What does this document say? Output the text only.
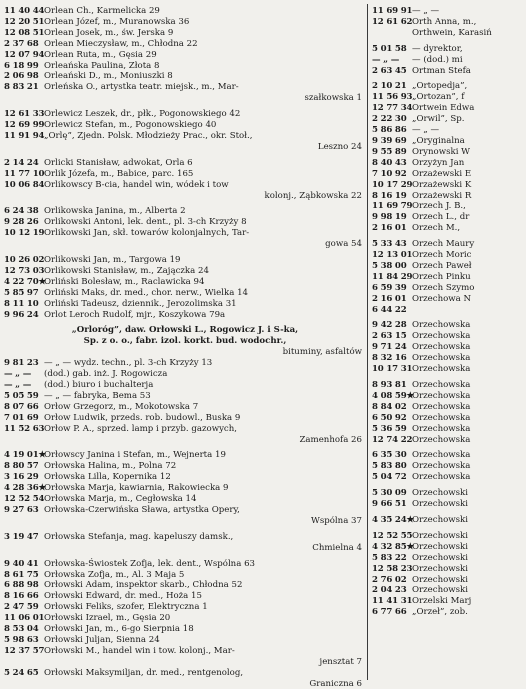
11 40 44Orlean Ch., Karmelicka 29
12 20 51Orlean Józef, m., Muranowska 36
12 08 51Orlean Josek, m., św. Jerska 9
2 37 68 Orlean Mieczysław, m., Chłodna 22
12 07 94Orlean Ruta, m., Gęsia 29
6 18 99 Orleańska Paulina, Złota 8
2 06 98 Orleański D., m., Moniuszki 8
8 83 21 Orleńska O., artystka teatr. miejsk., m., Mar-
szałkowska 1
12 61 33Orlewicz Leszek, dr., płk., Pogonowskiego 42
12 69 99Orlewicz Stefan, m., Pogonowskiego 40
11 91 94„Orlę”, Zjedn. Polsk. Młodzieży Prac., okr. Stoł.,
Leszno 24
2 14 24 Orlicki Stanisław, adwokat, Orla 6
11 77 10Orlik Józefa, m., Babice, parc. 165
10 06 84Orlikowscy B-cia, handel win, wódek i tow
kolonj., Ząbkowska 22
6 24 38 Orlikowska Janina, m., Alberta 2
9 28 26 Orlikowski Antoni, lek. dent., pl. 3-ch Krzyży 8
10 12 19Orlikowski Jan, skł. towarów kolonjalnych, Tar-
gowa 54
10 26 02Orlikowski Jan, m., Targowa 19
12 73 03Orlikowski Stanisław, m., Zajączka 24
4 22 70★Orliński Bolesław, m., Raclawicka 94
5 85 97 Orliński Maks, dr. med., chor. nerw., Wielka 14
8 11 10 Orliński Tadeusz, dziennik., Jerozolimska 31
9 96 24 Orlot Leroch Rudolf, mjr., Koszykowa 79a
„Orloróg”, daw. Orłowski L., Rogowicz J. i S-ka,
Sp. z o. o., fabr. izol. korkt. bud. wodochr.,
bituminy, asfaltów
9 81 23 — „ — wydz. techn., pl. 3-ch Krzyży 13
— „ — (dod.) gab. inż. J. Rogowicza
— „ — (dod.) biuro i buchalterja
5 05 59 — „ — fabryka, Bema 53
8 07 66 Orłow Grzegorz, m., Mokotowska 7
7 01 69 Orłow Ludwik, przeds. rob. budowl., Buska 9
11 52 63Orłow P. A., sprzed. lamp i przyb. gazowych,
Zamenhofa 26
4 19 01★Orłowscy Janina i Stefan, m., Wejnerta 19
8 80 57 Orłowska Halina, m., Polna 72
3 16 29 Orłowska Lilla, Kopernika 12
4 28 36★Orłowska Marja, kawiarnia, Rakowiecka 9
12 52 54Orłowska Marja, m., Cegłowska 14
9 27 63 Orłowska-Czerwińska Sława, artystka Opery,
Wspólna 37
3 19 47 Orłowska Stefanja, mag. kapeluszy damsk.,
Chmielna 4
9 40 41 Orłowska-Świostek Zofja, lek. dent., Wspólna 63
8 61 75 Orłowska Zofja, m., Al. 3 Maja 5
6 88 98 Orłowski Adam, inspektor skarb., Chłodna 52
8 16 66 Orłowski Edward, dr. med., Hoża 15
2 47 59 Orłowski Feliks, szofer, Elektryczna 1
11 06 01Orłowski Izrael, m., Gęsia 20
8 53 04 Orłowski Jan, m., 6-go Sierpnia 18
5 98 63 Orłowski Juljan, Sienna 24
12 37 57Orłowski M., handel win i tow. kolonj., Mar-
jensztat 7
5 24 65 Orłowski Maksymiljan, dr. med., rentgenolog,
Graniczna 6
11 69 91— „ —
12 61 62Orth Anna, m.,
Orthwein, Karasiń
5 01 58 — dyrektor,
— „ — — (dod.) mi
2 63 45 Ortman Stefa
2 10 21 „Ortopedja”,
11 56 93„Ortozan”, f
12 77 34Ortwein Edwa
2 22 30 „Orwil”, Sp.
5 86 86 — „ —
9 39 69 „Oryginalna
9 55 89 Orynowski W
8 40 43 Orzyżyn Jan
7 10 92 Orzażewski E
10 17 29Orzażewski K
8 16 19 Orzażewski R
11 69 79Orzech J. B.,
9 98 19 Orzech L., dr
2 16 01 Orzech M.,
5 33 43 Orzech Maury
12 13 01Orzech Moric
5 38 00 Orzech Paweł
11 84 29Orzech Pinku
6 59 39 Orzech Szymo
2 16 01 Orzechowa N
6 44 22
9 42 28 Orzechowska
2 63 15 Orzechowska
9 71 24 Orzechowska
8 32 16 Orzechowska
10 17 31Orzechowska
8 93 81 Orzechowska
4 08 59★Orzechowska
8 84 02 Orzechowska
6 50 92 Orzechowska
5 36 59 Orzechowska
12 74 22Orzechowska
6 35 30 Orzechowska
5 83 80 Orzechowska
5 04 72 Orzechowska
5 30 09 Orzechowski
9 66 51 Orzechowski
4 35 24★Orzechowski
12 52 55Orzechowski
4 32 85★Orzechowski
5 83 22 Orzechowski
12 58 23Orzechowski
2 76 02 Orzechowski
2 04 23 Orzechowski
11 41 31Orzelski Marj
6 77 66 „Orzeł”, zob.
